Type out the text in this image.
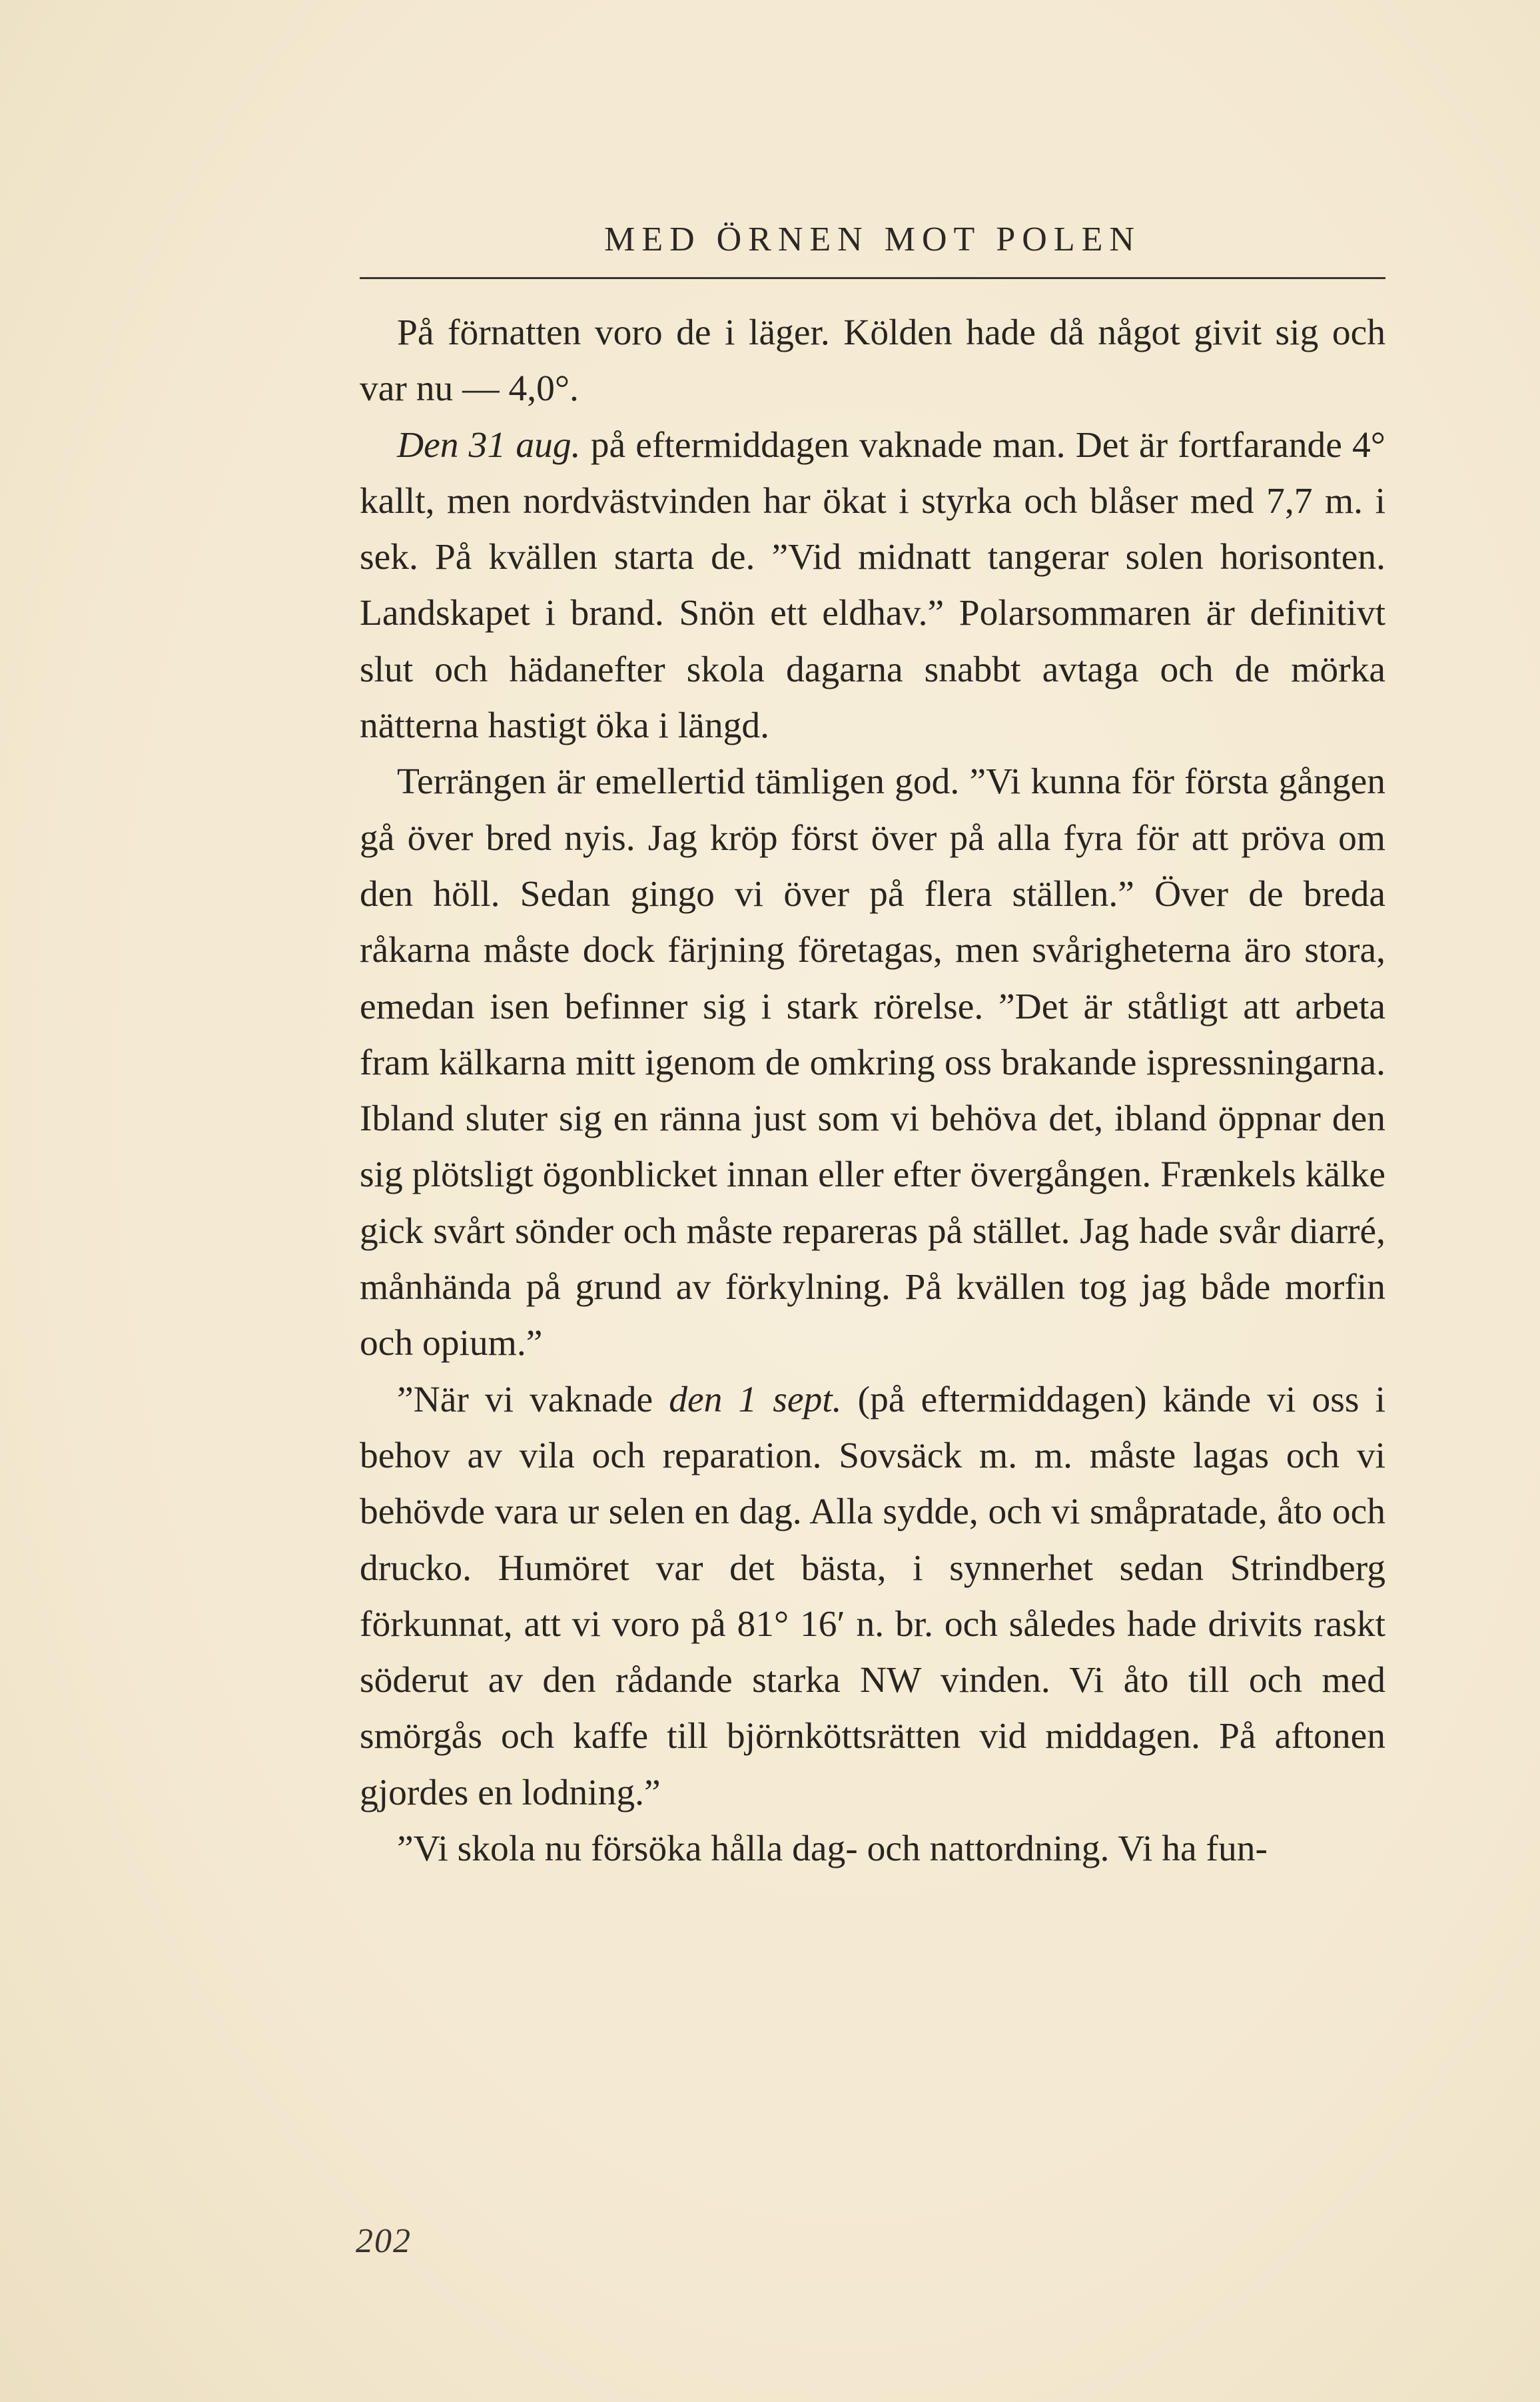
MED ÖRNEN MOT POLEN

På förnatten voro de i läger. Kölden hade då något givit sig och var nu — 4,0°.

Den 31 aug. på eftermiddagen vaknade man. Det är fortfarande 4° kallt, men nordvästvinden har ökat i styrka och blåser med 7,7 m. i sek. På kvällen starta de. ”Vid midnatt tangerar solen horisonten. Landskapet i brand. Snön ett eldhav.” Polarsommaren är definitivt slut och hädanefter skola dagarna snabbt avtaga och de mörka nätterna hastigt öka i längd.

Terrängen är emellertid tämligen god. ”Vi kunna för första gången gå över bred nyis. Jag kröp först över på alla fyra för att pröva om den höll. Sedan gingo vi över på flera ställen.” Över de breda råkarna måste dock färjning företagas, men svårigheterna äro stora, emedan isen befinner sig i stark rörelse. ”Det är ståtligt att arbeta fram kälkarna mitt igenom de omkring oss brakande ispressningarna. Ibland sluter sig en ränna just som vi behöva det, ibland öppnar den sig plötsligt ögonblicket innan eller efter övergången. Frænkels kälke gick svårt sönder och måste repareras på stället. Jag hade svår diarré, månhända på grund av förkylning. På kvällen tog jag både morfin och opium.”

”När vi vaknade den 1 sept. (på eftermiddagen) kände vi oss i behov av vila och reparation. Sovsäck m. m. måste lagas och vi behövde vara ur selen en dag. Alla sydde, och vi småpratade, åto och drucko. Humöret var det bästa, i synnerhet sedan Strindberg förkunnat, att vi voro på 81° 16′ n. br. och således hade drivits raskt söderut av den rådande starka NW vinden. Vi åto till och med smörgås och kaffe till björnköttsrätten vid middagen. På aftonen gjordes en lodning.”

”Vi skola nu försöka hålla dag- och nattordning. Vi ha fun-

202
